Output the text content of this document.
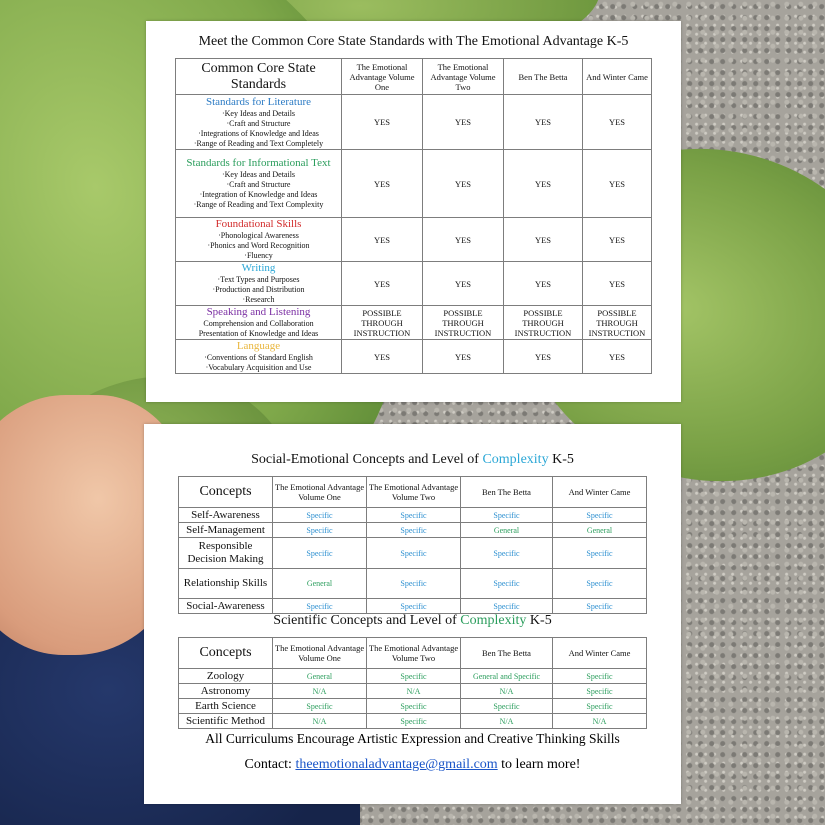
Meet the Common Core State Standards with The Emotional Advantage K-5
Common Core State Standards	The Emotional Advantage Volume One	The Emotional Advantage Volume Two	Ben The Betta	And Winter Came

Standards for Literature
·Key Ideas and Details
·Craft and Structure
·Integrations of Knowledge and Ideas
·Range of Reading and Text Completely	YES	YES	YES	YES

Standards for Informational Text
·Key Ideas and Details
·Craft and Structure
·Integration of Knowledge and Ideas
·Range of Reading and Text Complexity	YES	YES	YES	YES

Foundational Skills
·Phonological Awareness
·Phonics and Word Recognition
·Fluency	YES	YES	YES	YES

Writing
·Text Types and Purposes
·Production and Distribution
·Research	YES	YES	YES	YES

Speaking and Listening
Comprehension and Collaboration
Presentation of Knowledge and Ideas	POSSIBLE THROUGH INSTRUCTION	POSSIBLE THROUGH INSTRUCTION	POSSIBLE THROUGH INSTRUCTION	POSSIBLE THROUGH INSTRUCTION

Language
·Conventions of Standard English
·Vocabulary Acquisition and Use	YES	YES	YES	YES
Social-Emotional Concepts and Level of Complexity K-5
Concepts	The Emotional Advantage Volume One	The Emotional Advantage Volume Two	Ben The Betta	And Winter Came
Self-Awareness	Specific	Specific	Specific	Specific
Self-Management	Specific	Specific	General	General
Responsible Decision Making	Specific	Specific	Specific	Specific
Relationship Skills	General	Specific	Specific	Specific
Social-Awareness	Specific	Specific	Specific	Specific
Scientific Concepts and Level of Complexity K-5
Concepts	The Emotional Advantage Volume One	The Emotional Advantage Volume Two	Ben The Betta	And Winter Came
Zoology	General	Specific	General and Specific	Specific
Astronomy	N/A	N/A	N/A	Specific
Earth Science	Specific	Specific	Specific	Specific
Scientific Method	N/A	Specific	N/A	N/A
All Curriculums Encourage Artistic Expression and Creative Thinking Skills
Contact: theemotionaladvantage@gmail.com to learn more!
